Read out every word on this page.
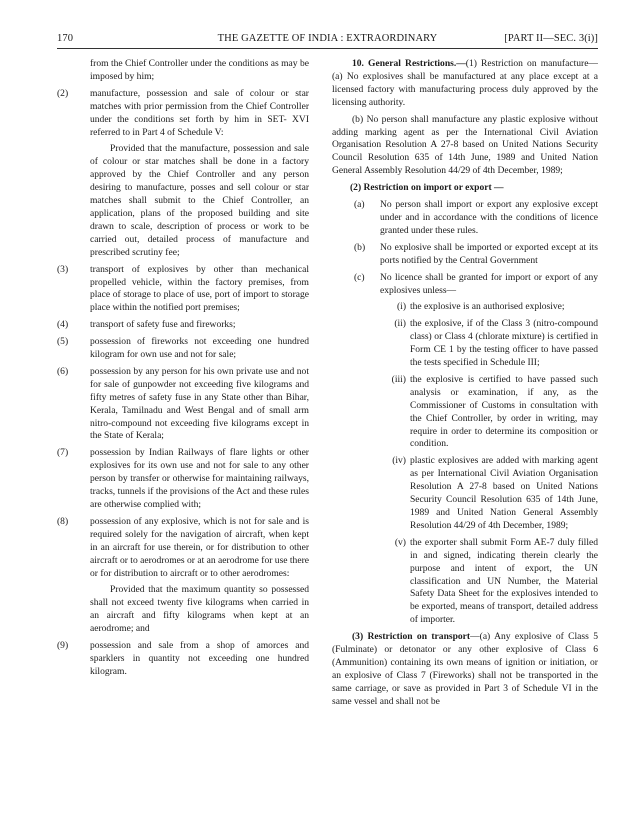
170	THE GAZETTE OF INDIA : EXTRAORDINARY	[PART II—SEC. 3(i)]

from the Chief Controller under the conditions as may be imposed by him;

(2) manufacture, possession and sale of colour or star matches with prior permission from the Chief Controller under the conditions set forth by him in SET- XVI referred to in Part 4 of Schedule V:

Provided that the manufacture, possession and sale of colour or star matches shall be done in a factory approved by the Chief Controller and any person desiring to manufacture, posses and sell colour or star matches shall submit to the Chief Controller, an application, plans of the proposed building and site drawn to scale, description of process or work to be carried out, detailed process of manufacture and prescribed scrutiny fee;

(3) transport of explosives by other than mechanical propelled vehicle, within the factory premises, from place of storage to place of use, port of import to storage place within the notified port premises;
(4) transport of safety fuse and fireworks;
(5) possession of fireworks not exceeding one hundred kilogram for own use and not for sale;
(6) possession by any person for his own private use and not for sale of gunpowder not exceeding five kilograms and fifty metres of safety fuse in any State other than Bihar, Kerala, Tamilnadu and West Bengal and of small arm nitro-compound not exceeding five kilograms except in the State of Kerala;
(7) possession by Indian Railways of flare lights or other explosives for its own use and not for sale to any other person by transfer or otherwise for maintaining railways, tracks, tunnels if the provisions of the Act and these rules are otherwise complied with;
(8) possession of any explosive, which is not for sale and is required solely for the navigation of aircraft, when kept in an aircraft for use therein, or for distribution to other aircraft or to aerodromes or at an aerodrome for use there or for distribution to aircraft or to other aerodromes:

Provided that the maximum quantity so possessed shall not exceed twenty five kilograms when carried in an aircraft and fifty kilograms when kept at an aerodrome; and

(9) possession and sale from a shop of amorces and sparklers in quantity not exceeding one hundred kilogram.

10. General Restrictions.—(1) Restriction on manufacture—(a) No explosives shall be manufactured at any place except at a licensed factory with manufacturing process duly approved by the licensing authority.

(b) No person shall manufacture any plastic explosive without adding marking agent as per the International Civil Aviation Organisation Resolution A 27-8 based on United Nations Security Council Resolution 635 of 14th June, 1989 and United Nation General Assembly Resolution 44/29 of 4th December, 1989;

(2) Restriction on import or export —

(a) No person shall import or export any explosive except under and in accordance with the conditions of licence granted under these rules.
(b) No explosive shall be imported or exported except at its ports notified by the Central Government
(c) No licence shall be granted for import or export of any explosives unless—
(i) the explosive is an authorised explosive;
(ii) the explosive, if of the Class 3 (nitro-compound class) or Class 4 (chlorate mixture) is certified in Form CE 1 by the testing officer to have passed the tests specified in Schedule III;
(iii) the explosive is certified to have passed such analysis or examination, if any, as the Commissioner of Customs in consultation with the Chief Controller, by order in writing, may require in order to determine its composition or condition.
(iv) plastic explosives are added with marking agent as per International Civil Aviation Organisation Resolution A 27-8 based on United Nations Security Council Resolution 635 of 14th June, 1989 and United Nation General Assembly Resolution 44/29 of 4th December, 1989;
(v) the exporter shall submit Form AE-7 duly filled in and signed, indicating therein clearly the purpose and intent of export, the UN classification and UN Number, the Material Safety Data Sheet for the explosives intended to be exported, means of transport, detailed address of importer.

(3) Restriction on transport—(a) Any explosive of Class 5 (Fulminate) or detonator or any other explosive of Class 6 (Ammunition) containing its own means of ignition or initiation, or an explosive of Class 7 (Fireworks) shall not be transported in the same carriage, or save as provided in Part 3 of Schedule VI in the same vessel and shall not be
